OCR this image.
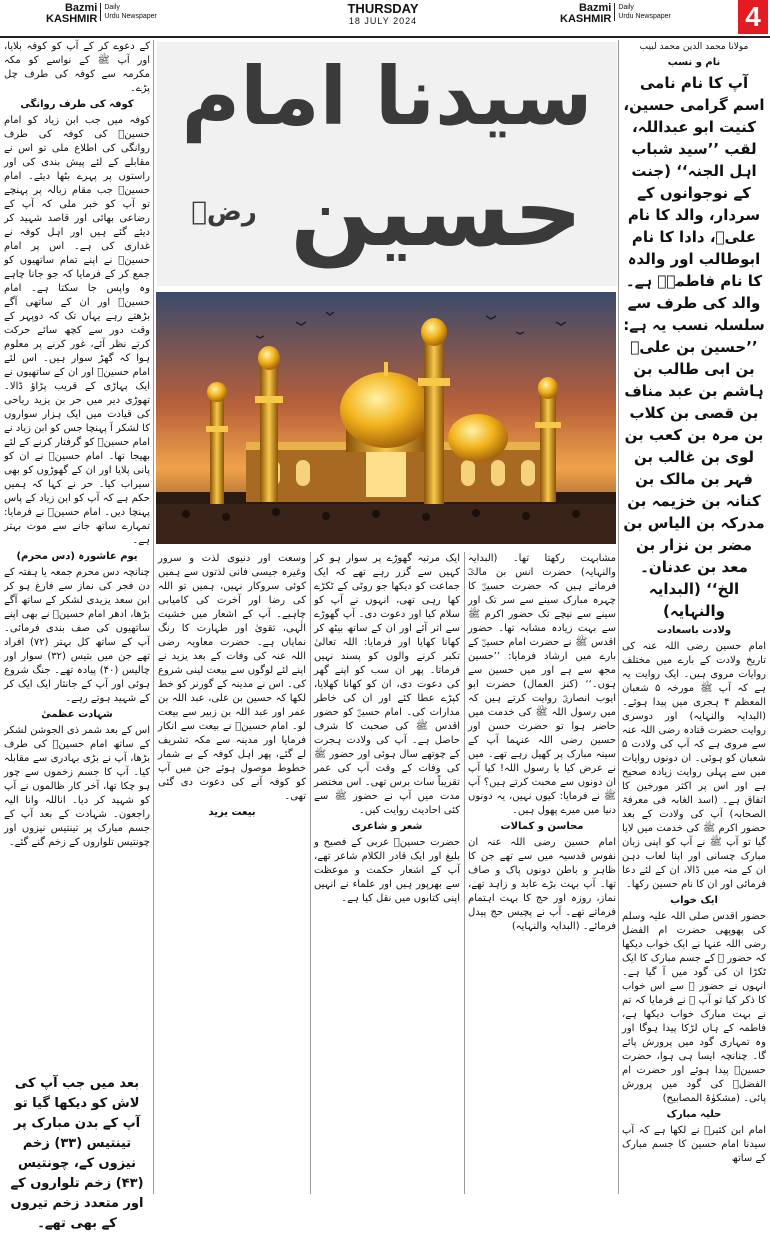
Bazmi
KASHMIR
Daily
Urdu Newspaper
THURSDAY
18 JULY 2024
Bazmi
KASHMIR
Daily
Urdu Newspaper	4

مولانا محمد الدین محمد لبیب

نام و نسب

آپ کا نام نامی اسم گرامی حسین، کنیت ابو عبداللہ، لقب ’’سید شباب اہل الجنہ‘‘ (جنت کے نوجوانوں کے سردار، والد کا نام علیؓ، دادا کا نام ابوطالب اور والدہ کا نام فاطمہؓ ہے۔ والد کی طرف سے سلسلہ نسب یہ ہے: ’’حسین بن علیؓ بن ابی طالب بن ہاشم بن عبد مناف بن قصی بن کلاب بن مرہ بن کعب بن لوی بن غالب بن فہر بن مالک بن کنانہ بن خزیمہ بن مدرکہ بن الیاس بن مضر بن نزار بن معد بن عدنان۔ الخ‘‘ (البدایہ والنہایہ)

ولادت باسعادت

امام حسین رضی اللہ عنہ کی تاریخ ولادت کے بارے میں مختلف روایات مروی ہیں۔ ایک روایت یہ ہے کہ آپ ﷺ مورخہ ۵ شعبان المعظم ۴ ہجری میں پیدا ہوئے۔ (البدایہ والنہایہ) اور دوسری روایت حضرت قتادہ رضی اللہ عنہ سے مروی ہے کہ آپ کی ولادت ۵ شعبان کو ہوئی۔ ان دونوں روایات میں سے پہلی روایت زیادہ صحیح ہے اور اس پر اکثر مورخین کا اتفاق ہے۔ (اسد الغابہ فی معرفۃ الصحابہ) آپ کی ولادت کے بعد حضور اکرم ﷺ کی خدمت میں لایا گیا تو آپ ﷺ نے آپ کو اپنی زبان مبارک چسانی اور اپنا لعاب دہن ان کے منہ میں ڈالا، ان کے لئے دعا فرمائی اور ان کا نام حسین رکھا۔

ایک خواب

حضور اقدس صلی اللہ علیہ وسلم کی پھوپھی حضرت ام الفضل رضی اللہ عنہا نے ایک خواب دیکھا کہ حضور ﷺ کے جسم مبارک کا ایک ٹکڑا ان کی گود میں آ گیا ہے۔ انہوں نے حضور ﷺ سے اس خواب کا ذکر کیا تو آپ ﷺ نے فرمایا کہ تم نے بہت مبارک خواب دیکھا ہے، فاطمہ کے ہاں لڑکا پیدا ہوگا اور وہ تمہاری گود میں پرورش پائے گا۔ چنانچہ ایسا ہی ہوا، حضرت حسینؓ پیدا ہوئے اور حضرت ام الفضلؓ کی گود میں پرورش پائی۔ (مشکوٰۃ المصابیح)

حلیہ مبارک

امام ابن کثیرؒ نے لکھا ہے کہ آپ سیدنا امام حسین کا جسم مبارک کے ساتھ

سیدنا امام
حسین $^{رضؓ}$

مشابہت رکھتا تھا۔ (البدایہ والنہایہ) حضرت انس بن مالکؓ فرماتے ہیں کہ حضرت حسینؓ کا چہرہ مبارک سینے سے سر تک اور سینے سے نیچے تک حضور اکرم ﷺ سے بہت زیادہ مشابہ تھا۔ حضور اقدس ﷺ نے حضرت امام حسینؓ کے بارے میں ارشاد فرمایا: ’’حسین مجھ سے ہے اور میں حسین سے ہوں۔‘‘ (کنز العمال) حضرت ابو ایوب انصاریؓ روایت کرتے ہیں کہ میں رسول اللہ ﷺ کی خدمت میں حاضر ہوا تو حضرت حسن اور حسین رضی اللہ عنہما آپ کے سینہ مبارک پر کھیل رہے تھے۔ میں نے عرض کیا یا رسول اللہ! کیا آپ ان دونوں سے محبت کرتے ہیں؟ آپ ﷺ نے فرمایا: کیوں نہیں، یہ دونوں دنیا میں میرے پھول ہیں۔

محاسن و کمالات

امام حسین رضی اللہ عنہ ان نفوس قدسیہ میں سے تھے جن کا ظاہر و باطن دونوں پاک و صاف تھا۔ آپ بہت بڑے عابد و زاہد تھے، نماز، روزہ اور حج کا بہت اہتمام فرماتے تھے۔ آپ نے پچیس حج پیدل فرمائے۔ (البدایہ والنہایہ)

ایک مرتبہ گھوڑے پر سوار ہو کر کہیں سے گزر رہے تھے کہ ایک جماعت کو دیکھا جو روٹی کے ٹکڑے کھا رہی تھی، انہوں نے آپ کو سلام کیا اور دعوت دی۔ آپ گھوڑے سے اتر آئے اور ان کے ساتھ بیٹھ کر کھانا کھایا اور فرمایا: اللہ تعالیٰ تکبر کرنے والوں کو پسند نہیں فرماتا۔ پھر ان سب کو اپنے گھر کی دعوت دی، ان کو کھانا کھلایا، کپڑے عطا کئے اور ان کی خاطر مدارات کی۔ امام حسینؓ کو حضور اقدس ﷺ کی صحبت کا شرف حاصل ہے۔ آپ کی ولادت ہجرت کے چوتھے سال ہوئی اور حضور ﷺ کی وفات کے وقت آپ کی عمر تقریباً سات برس تھی۔ اس مختصر مدت میں آپ نے حضور ﷺ سے کئی احادیث روایت کیں۔

شعر و شاعری

حضرت حسینؓ عربی کے فصیح و بلیغ اور ایک قادر الکلام شاعر تھے، آپ کے اشعار حکمت و موعظت سے بھرپور ہیں اور علماء نے انہیں اپنی کتابوں میں نقل کیا ہے۔

وسعت اور دنیوی لذت و سرور وغیرہ جیسی فانی لذتوں سے ہمیں کوئی سروکار نہیں، ہمیں تو اللہ کی رضا اور آخرت کی کامیابی چاہیے۔ آپ کے اشعار میں خشیت الٰہی، تقویٰ اور طہارت کا رنگ نمایاں ہے۔ حضرت معاویہ رضی اللہ عنہ کی وفات کے بعد یزید نے اپنے لئے لوگوں سے بیعت لینی شروع کی۔ اس نے مدینہ کے گورنر کو خط لکھا کہ حسین بن علی، عبد اللہ بن عمر اور عبد اللہ بن زبیر سے بیعت لو۔ امام حسینؓ نے بیعت سے انکار فرمایا اور مدینہ سے مکہ تشریف لے گئے، پھر اہل کوفہ کے بے شمار خطوط موصول ہوئے جن میں آپ کو کوفہ آنے کی دعوت دی گئی تھی۔

بیعت یزید

کے دعوے کر کے آپ کو کوفہ بلایا، اور آپ ﷺ کے نواسے کو مکہ مکرمہ سے کوفہ کی طرف چل پڑے۔

کوفہ کی طرف روانگی

کوفہ میں جب ابن زیاد کو امام حسینؓ کی کوفہ کی طرف روانگی کی اطلاع ملی تو اس نے مقابلے کے لئے پیش بندی کی اور راستوں پر پہرے بٹھا دیئے۔ امام حسینؓ جب مقام زبالہ پر پہنچے تو آپ کو خبر ملی کہ آپ کے رضاعی بھائی اور قاصد شہید کر دیئے گئے ہیں اور اہل کوفہ نے غداری کی ہے۔ اس پر امام حسینؓ نے اپنے تمام ساتھیوں کو جمع کر کے فرمایا کہ جو جانا چاہے وہ واپس جا سکتا ہے۔ امام حسینؓ اور ان کے ساتھی آگے بڑھتے رہے یہاں تک کہ دوپہر کے وقت دور سے کچھ سائے حرکت کرتے نظر آئے، غور کرنے پر معلوم ہوا کہ گھڑ سوار ہیں۔ اس لئے امام حسینؓ اور ان کے ساتھیوں نے ایک پہاڑی کے قریب پڑاؤ ڈالا۔ تھوڑی دیر میں حر بن یزید ریاحی کی قیادت میں ایک ہزار سواروں کا لشکر آ پہنچا جس کو ابن زیاد نے امام حسینؓ کو گرفتار کرنے کے لئے بھیجا تھا۔ امام حسینؓ نے ان کو پانی پلایا اور ان کے گھوڑوں کو بھی سیراب کیا۔ حر نے کہا کہ ہمیں حکم ہے کہ آپ کو ابن زیاد کے پاس پہنچا دیں۔ امام حسینؓ نے فرمایا: تمہارے ساتھ جانے سے موت بہتر ہے۔

یوم عاشورہ (دس محرم)

چنانچہ دس محرم جمعہ یا ہفتہ کے دن فجر کی نماز سے فارغ ہو کر ابن سعد یزیدی لشکر کے ساتھ آگے بڑھا، ادھر امام حسینؓ نے بھی اپنے ساتھیوں کی صف بندی فرمائی۔ آپ کے ساتھ کل بہتر (۷۲) افراد تھے جن میں بتیس (۳۲) سوار اور چالیس (۴۰) پیادہ تھے۔ جنگ شروع ہوئی اور آپ کے جانثار ایک ایک کر کے شہید ہوتے رہے۔

شہادت عظمیٰ

اس کے بعد شمر ذی الجوشن لشکر کے ساتھ امام حسینؓ کی طرف بڑھا، آپ نے بڑی بہادری سے مقابلہ کیا۔ آپ کا جسم زخموں سے چور ہو چکا تھا، آخر کار ظالموں نے آپ کو شہید کر دیا۔ اناللہ وانا الیہ راجعون۔ شہادت کے بعد آپ کے جسم مبارک پر تینتیس نیزوں اور چونتیس تلواروں کے زخم گنے گئے۔

بعد میں جب آپ کی لاش کو دیکھا گیا تو آپ کے بدن مبارک پر تینتیس (۳۳) زخم نیزوں کے، چونتیس (۴۳) زخم تلواروں کے اور متعدد زخم تیروں کے بھی تھے۔
